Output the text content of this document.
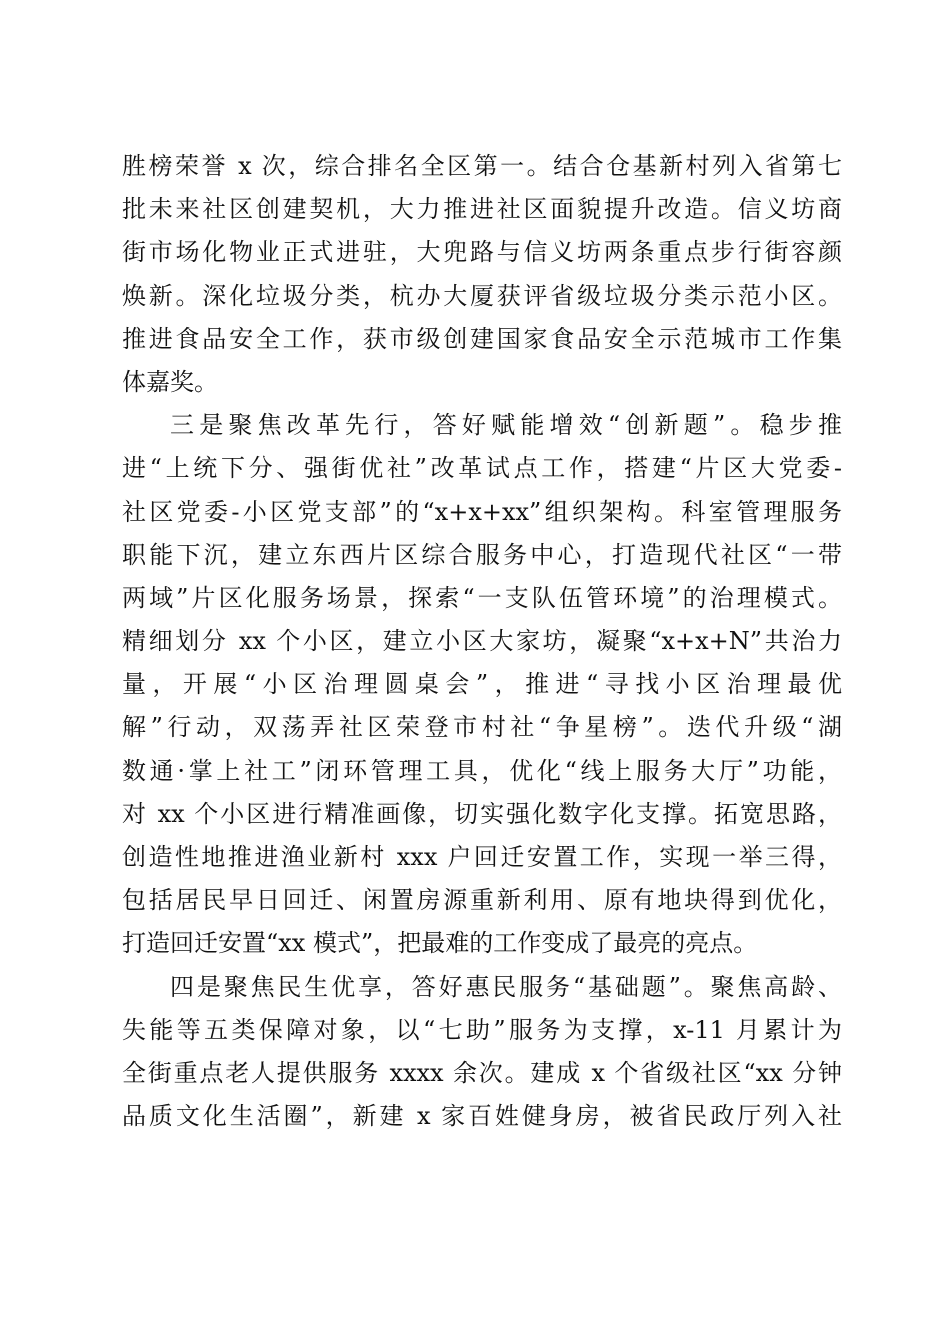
胜榜荣誉 x 次，综合排名全区第一。结合仓基新村列入省第七
批未来社区创建契机，大力推进社区面貌提升改造。信义坊商
街市场化物业正式进驻，大兜路与信义坊两条重点步行街容颜
焕新。深化垃圾分类，杭办大厦获评省级垃圾分类示范小区。
推进食品安全工作，获市级创建国家食品安全示范城市工作集
体嘉奖。
三是聚焦改革先行，答好赋能增效“创新题”。稳步推
进“上统下分、强街优社”改革试点工作，搭建“片区大党委-
社区党委-小区党支部”的“x+x+xx”组织架构。科室管理服务
职能下沉，建立东西片区综合服务中心，打造现代社区“一带
两域”片区化服务场景，探索“一支队伍管环境”的治理模式。
精细划分 xx 个小区，建立小区大家坊，凝聚“x+x+N”共治力
量，开展“小区治理圆桌会”，推进“寻找小区治理最优
解”行动，双荡弄社区荣登市村社“争星榜”。迭代升级“湖
数通·掌上社工”闭环管理工具，优化“线上服务大厅”功能，
对 xx 个小区进行精准画像，切实强化数字化支撑。拓宽思路，
创造性地推进渔业新村 xxx 户回迁安置工作，实现一举三得，
包括居民早日回迁、闲置房源重新利用、原有地块得到优化，
打造回迁安置“xx 模式”，把最难的工作变成了最亮的亮点。
四是聚焦民生优享，答好惠民服务“基础题”。聚焦高龄、
失能等五类保障对象，以“七助”服务为支撑，x-11 月累计为
全街重点老人提供服务 xxxx 余次。建成 x 个省级社区“xx 分钟
品质文化生活圈”，新建 x 家百姓健身房，被省民政厅列入社
